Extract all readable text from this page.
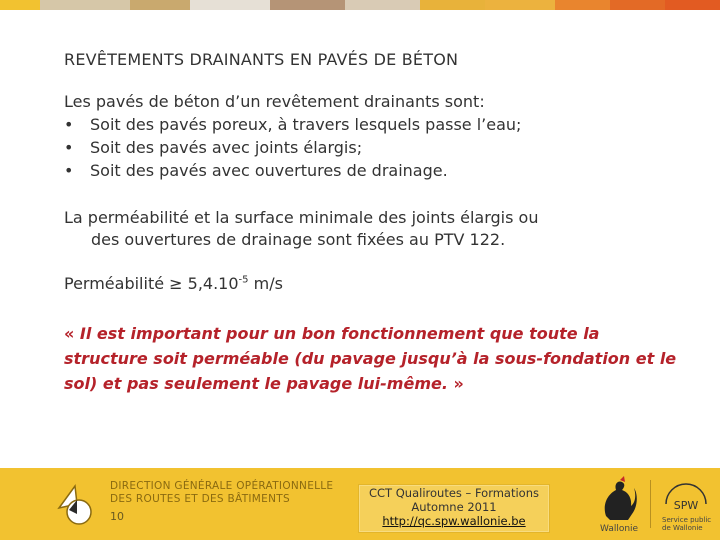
REVÊTEMENTS DRAINANTS EN PAVÉS DE BÉTON
Les pavés de béton d’un revêtement drainants sont:
•	Soit des pavés poreux, à travers lesquels passe l’eau;
•	Soit des pavés avec joints élargis;
•	Soit des pavés avec ouvertures de drainage.
La perméabilité et la surface minimale des joints élargis ou
des ouvertures de drainage sont fixées au PTV 122.
Perméabilité ≥ $5,4.10^{-5}$ m/s
« Il est important pour un bon fonctionnement que toute la structure soit perméable (du pavage jusqu’à la sous-fondation et le sol) et pas seulement le pavage lui-même. »
DIRECTION GÉNÉRALE OPÉRATIONNELLE
DES ROUTES ET DES BÂTIMENTS
10
CCT Qualiroutes – Formations
Automne 2011
http://qc.spw.wallonie.be
Wallonie
SPW
Service public
de Wallonie
